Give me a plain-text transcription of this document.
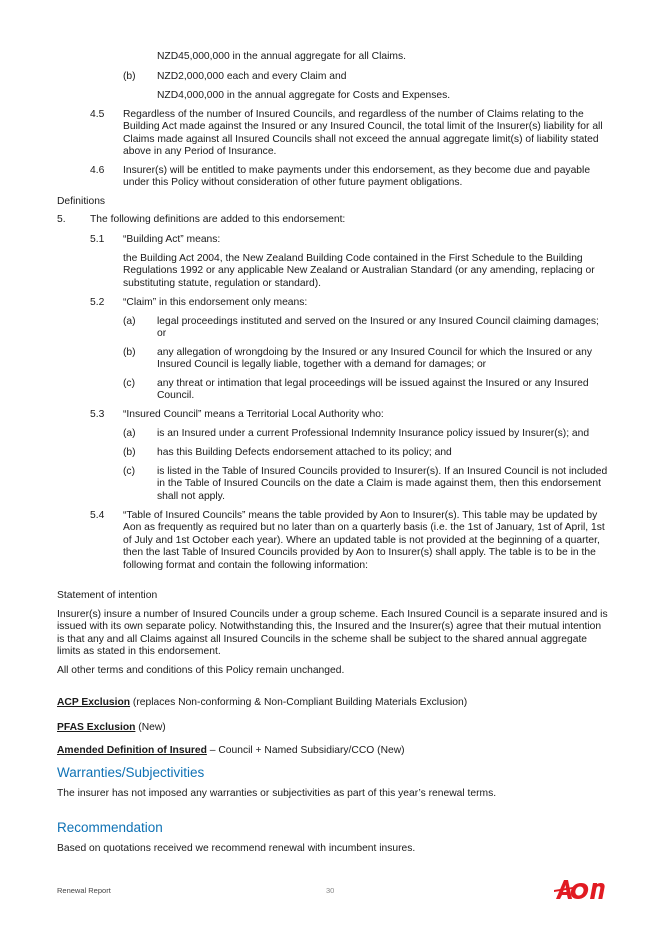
NZD45,000,000 in the annual aggregate for all Claims.

(b) NZD2,000,000 each and every Claim and

NZD4,000,000 in the annual aggregate for Costs and Expenses.

4.5 Regardless of the number of Insured Councils, and regardless of the number of Claims relating to the Building Act made against the Insured or any Insured Council, the total limit of the Insurer(s) liability for all Claims made against all Insured Councils shall not exceed the annual aggregate limit(s) of liability stated above in any Period of Insurance.

4.6 Insurer(s) will be entitled to make payments under this endorsement, as they become due and payable under this Policy without consideration of other future payment obligations.

Definitions

5. The following definitions are added to this endorsement:

5.1 “Building Act” means:

the Building Act 2004, the New Zealand Building Code contained in the First Schedule to the Building Regulations 1992 or any applicable New Zealand or Australian Standard (or any amending, replacing or substituting statute, regulation or standard).

5.2 “Claim” in this endorsement only means:

(a) legal proceedings instituted and served on the Insured or any Insured Council claiming damages; or

(b) any allegation of wrongdoing by the Insured or any Insured Council for which the Insured or any Insured Council is legally liable, together with a demand for damages; or

(c) any threat or intimation that legal proceedings will be issued against the Insured or any Insured Council.

5.3 “Insured Council” means a Territorial Local Authority who:

(a) is an Insured under a current Professional Indemnity Insurance policy issued by Insurer(s); and

(b) has this Building Defects endorsement attached to its policy; and

(c) is listed in the Table of Insured Councils provided to Insurer(s). If an Insured Council is not included in the Table of Insured Councils on the date a Claim is made against them, then this endorsement shall not apply.

5.4 “Table of Insured Councils” means the table provided by Aon to Insurer(s). This table may be updated by Aon as frequently as required but no later than on a quarterly basis (i.e. the 1st of January, 1st of April, 1st of July and 1st October each year). Where an updated table is not provided at the beginning of a quarter, then the last Table of Insured Councils provided by Aon to Insurer(s) shall apply. The table is to be in the following format and contain the following information:

Statement of intention

Insurer(s) insure a number of Insured Councils under a group scheme. Each Insured Council is a separate insured and is issued with its own separate policy. Notwithstanding this, the Insured and the Insurer(s) agree that their mutual intention is that any and all Claims against all Insured Councils in the scheme shall be subject to the shared annual aggregate limits as stated in this endorsement.

All other terms and conditions of this Policy remain unchanged.

ACP Exclusion (replaces Non-conforming & Non-Compliant Building Materials Exclusion)

PFAS Exclusion (New)

Amended Definition of Insured – Council + Named Subsidiary/CCO (New)

Warranties/Subjectivities

The insurer has not imposed any warranties or subjectivities as part of this year’s renewal terms.

Recommendation

Based on quotations received we recommend renewal with incumbent insures.

Renewal Report	30
